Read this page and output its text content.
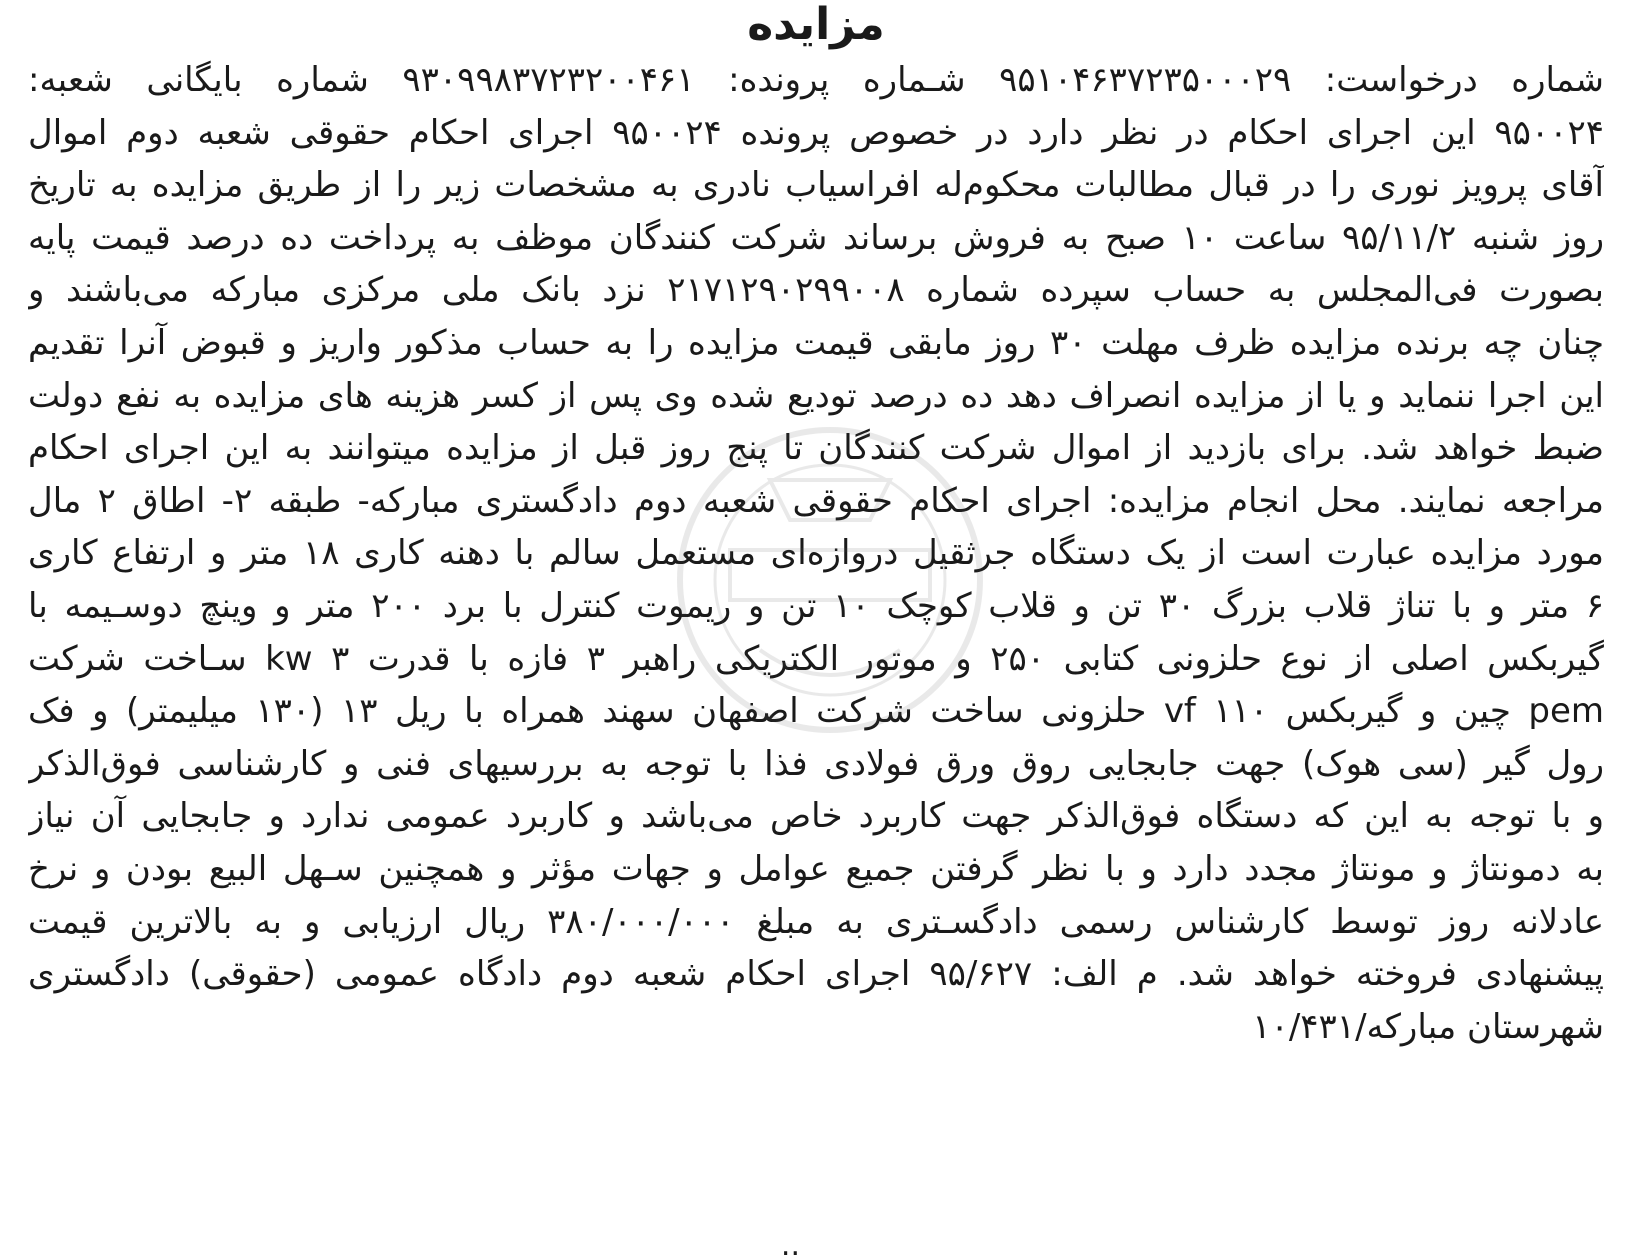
مزایده
شماره درخواست: ۹۵۱۰۴۶۳۷۲۳۵۰۰۰۲۹ شـماره پرونده: ۹۳۰۹۹۸۳۷۲۳۲۰۰۴۶۱ شماره بایگانی شعبه:
۹۵۰۰۲۴ این اجرای احکام در نظر دارد در خصوص پرونده ۹۵۰۰۲۴ اجرای احکام حقوقی شعبه دوم اموال
آقای پرویز نوری را در قبال مطالبات محکوم‌له افراسیاب نادری به مشخصات زیر را از طریق مزایده به تاریخ
روز شنبه ۹۵/۱۱/۲ ساعت ۱۰ صبح به فروش برساند شرکت کنندگان موظف به پرداخت ده درصد قیمت پایه
بصورت فی‌المجلس به حساب سپرده شماره ۲۱۷۱۲۹۰۲۹۹۰۰۸ نزد بانک ملی مرکزی مبارکه می‌باشند و
چنان چه برنده مزایده ظرف مهلت ۳۰ روز مابقی قیمت مزایده را به حساب مذکور واریز و قبوض آنرا تقدیم
این اجرا ننماید و یا از مزایده انصراف دهد ده درصد تودیع شده وی پس از کسر هزینه های مزایده به نفع دولت
ضبط خواهد شد. برای بازدید از اموال شرکت کنندگان تا پنج روز قبل از مزایده میتوانند به این اجرای احکام
مراجعه نمایند. محل انجام مزایده: اجرای احکام حقوقی شعبه دوم دادگستری مبارکه- طبقه ۲- اطاق ۲ مال
مورد مزایده عبارت است از یک دستگاه جرثقیل دروازه‌ای مستعمل سالم با دهنه کاری ۱۸ متر و ارتفاع کاری
۶ متر و با تناژ قلاب بزرگ ۳۰ تن و قلاب کوچک ۱۰ تن و ریموت کنترل با برد ۲۰۰ متر و وینچ دوسـیمه با
گیربکس اصلی از نوع حلزونی کتابی ۲۵۰ و موتور الکتریکی راهبر ۳ فازه با قدرت kw ۳ سـاخت شرکت
pem چین و گیربکس vf ۱۱۰ حلزونی ساخت شرکت اصفهان سهند همراه با ریل ۱۳ (۱۳۰ میلیمتر) و فک
رول گیر (سی هوک) جهت جابجایی روق ورق فولادی فذا با توجه به بررسیهای فنی و کارشناسی فوق‌الذکر
و با توجه به این که دستگاه فوق‌الذکر جهت کاربرد خاص می‌باشد و کاربرد عمومی ندارد و جابجایی آن نیاز
به دمونتاژ و مونتاژ مجدد دارد و با نظر گرفتن جمیع عوامل و جهات مؤثر و همچنین سـهل البیع بودن و نرخ
عادلانه روز توسط کارشناس رسمی دادگسـتری به مبلغ ۳۸۰/۰۰۰/۰۰۰ ریال ارزیابی و به بالاترین قیمت
پیشنهادی فروخته خواهد شد. م الف: ۹۵/۶۲۷ اجرای احکام شعبه دوم دادگاه عمومی (حقوقی) دادگستری
شهرستان مبارکه/۱۰/۴۳۱
..
